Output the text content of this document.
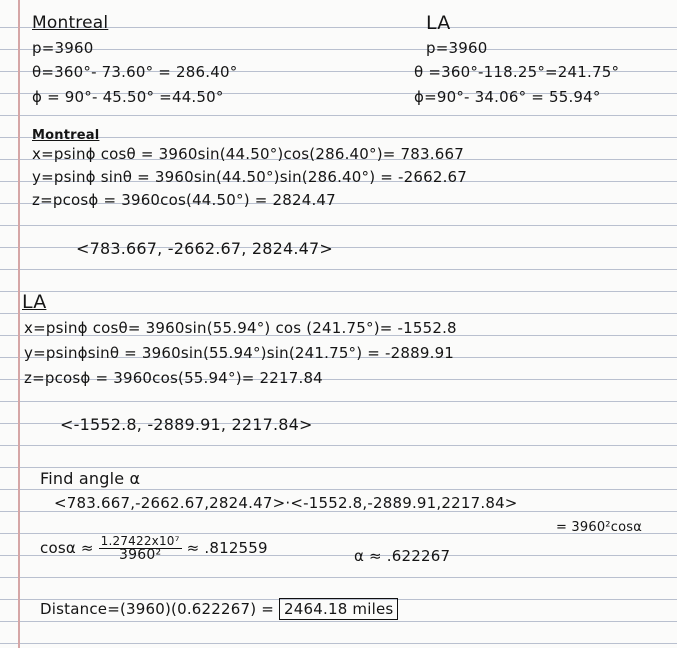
Montreal
p=3960
θ=360°- 73.60° = 286.40°
ϕ = 90°- 45.50° =44.50°
LA
p=3960
θ =360°-118.25°=241.75°
ϕ=90°- 34.06° = 55.94°
Montreal
x=psinϕ cosθ = 3960sin(44.50°)cos(286.40°)= 783.667
y=psinϕ sinθ = 3960sin(44.50°)sin(286.40°) = -2662.67
z=pcosϕ = 3960cos(44.50°) = 2824.47
<783.667, -2662.67, 2824.47>
LA
x=psinϕ cosθ= 3960sin(55.94°) cos (241.75°)= -1552.8
y=psinϕsinθ = 3960sin(55.94°)sin(241.75°) = -2889.91
z=pcosϕ = 3960cos(55.94°)= 2217.84
<-1552.8, -2889.91, 2217.84>
Find angle α
<783.667,-2662.67,2824.47>·<-1552.8,-2889.91,2217.84>
= 3960²cosα
$\cos\alpha \approx \frac{\text{1.27422x10⁷}}{\text{3960²}} \approx .812559$	α ≈ .622267
Distance=(3960)(0.622267) = 2464.18 miles
